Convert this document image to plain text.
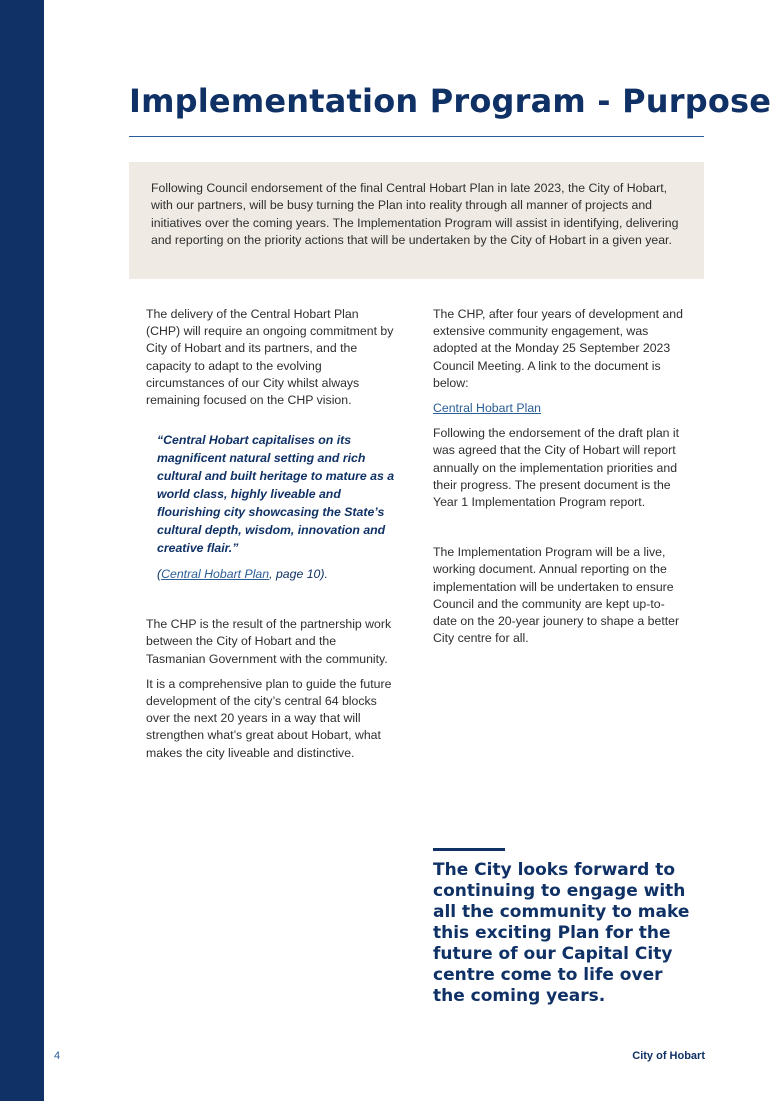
Implementation Program - Purpose

Following Council endorsement of the final Central Hobart Plan in late 2023, the City of Hobart, with our partners, will be busy turning the Plan into reality through all manner of projects and initiatives over the coming years. The Implementation Program will assist in identifying, delivering and reporting on the priority actions that will be undertaken by the City of Hobart in a given year.

The delivery of the Central Hobart Plan (CHP) will require an ongoing commitment by City of Hobart and its partners, and the capacity to adapt to the evolving circumstances of our City whilst always remaining focused on the CHP vision.

“Central Hobart capitalises on its magnificent natural setting and rich cultural and built heritage to mature as a world class, highly liveable and flourishing city showcasing the State’s cultural depth, wisdom, innovation and creative flair.”

(Central Hobart Plan, page 10).

The CHP is the result of the partnership work between the City of Hobart and the Tasmanian Government with the community.

It is a comprehensive plan to guide the future development of the city’s central 64 blocks over the next 20 years in a way that will strengthen what’s great about Hobart, what makes the city liveable and distinctive.

The CHP, after four years of development and extensive community engagement, was adopted at the Monday 25 September 2023 Council Meeting. A link to the document is below:

Central Hobart Plan

Following the endorsement of the draft plan it was agreed that the City of Hobart will report annually on the implementation priorities and their progress. The present document is the Year 1 Implementation Program report.

The Implementation Program will be a live, working document. Annual reporting on the implementation will be undertaken to ensure Council and the community are kept up-to-date on the 20-year jounery to shape a better City centre for all.

The City looks forward to continuing to engage with all the community to make this exciting Plan for the future of our Capital City centre come to life over the coming years.

4	City of Hobart
